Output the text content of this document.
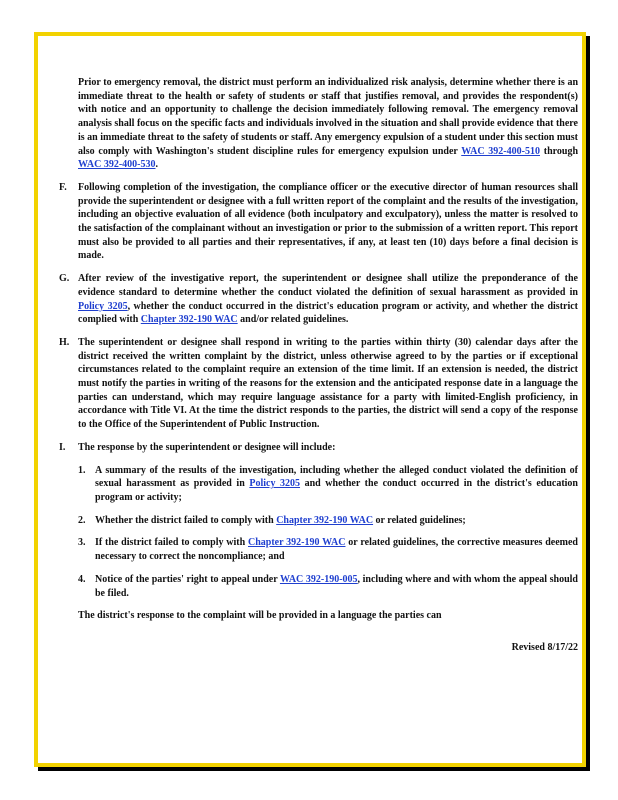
Prior to emergency removal, the district must perform an individualized risk analysis, determine whether there is an immediate threat to the health or safety of students or staff that justifies removal, and provides the respondent(s) with notice and an opportunity to challenge the decision immediately following removal. The emergency removal analysis shall focus on the specific facts and individuals involved in the situation and shall provide evidence that there is an immediate threat to the safety of students or staff. Any emergency expulsion of a student under this section must also comply with Washington's student discipline rules for emergency expulsion under WAC 392-400-510 through WAC 392-400-530.

F. Following completion of the investigation, the compliance officer or the executive director of human resources shall provide the superintendent or designee with a full written report of the complaint and the results of the investigation, including an objective evaluation of all evidence (both inculpatory and exculpatory), unless the matter is resolved to the satisfaction of the complainant without an investigation or prior to the submission of a written report. This report must also be provided to all parties and their representatives, if any, at least ten (10) days before a final decision is made.

G. After review of the investigative report, the superintendent or designee shall utilize the preponderance of the evidence standard to determine whether the conduct violated the definition of sexual harassment as provided in Policy 3205, whether the conduct occurred in the district's education program or activity, and whether the district complied with Chapter 392-190 WAC and/or related guidelines.

H. The superintendent or designee shall respond in writing to the parties within thirty (30) calendar days after the district received the written complaint by the district, unless otherwise agreed to by the parties or if exceptional circumstances related to the complaint require an extension of the time limit. If an extension is needed, the district must notify the parties in writing of the reasons for the extension and the anticipated response date in a language the parties can understand, which may require language assistance for a party with limited-English proficiency, in accordance with Title VI. At the time the district responds to the parties, the district will send a copy of the response to the Office of the Superintendent of Public Instruction.

I. The response by the superintendent or designee will include:

1. A summary of the results of the investigation, including whether the alleged conduct violated the definition of sexual harassment as provided in Policy 3205 and whether the conduct occurred in the district's education program or activity;

2. Whether the district failed to comply with Chapter 392-190 WAC or related guidelines;

3. If the district failed to comply with Chapter 392-190 WAC or related guidelines, the corrective measures deemed necessary to correct the noncompliance; and

4. Notice of the parties' right to appeal under WAC 392-190-005, including where and with whom the appeal should be filed.

The district's response to the complaint will be provided in a language the parties can

Revised 8/17/22
